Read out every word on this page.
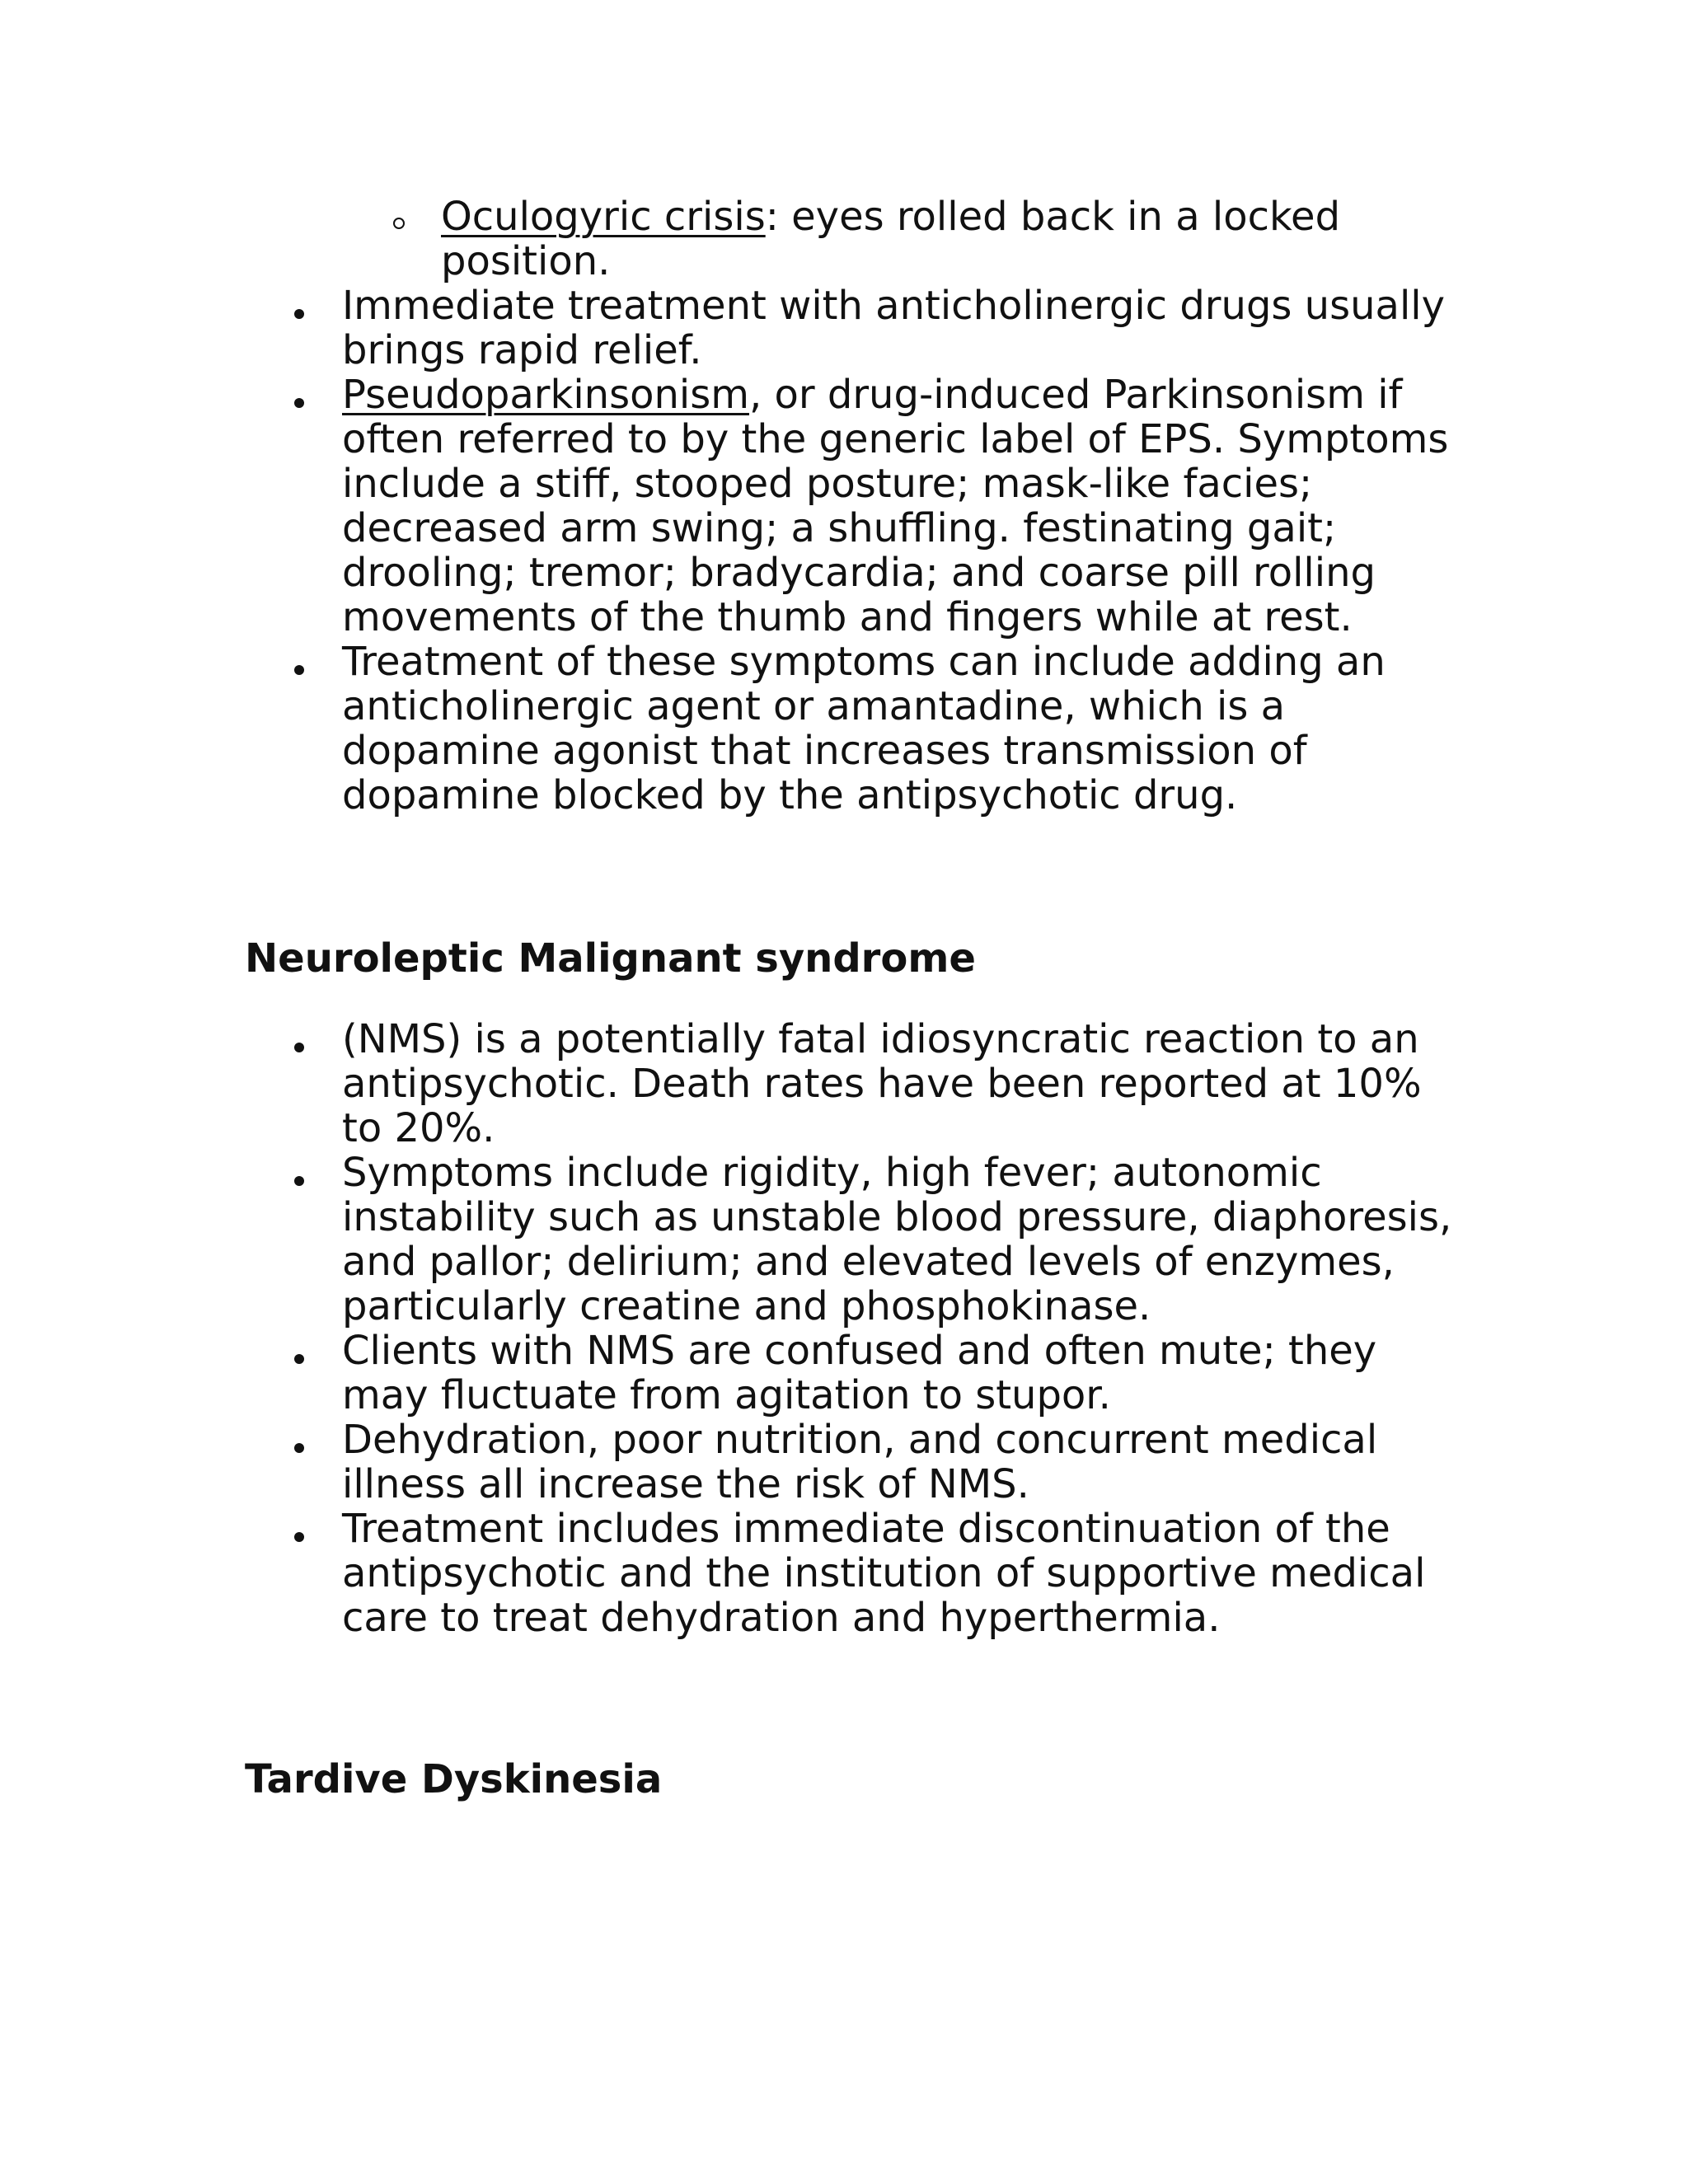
Oculogyric crisis: eyes rolled back in a locked
position.
Immediate treatment with anticholinergic drugs usually
brings rapid relief.
Pseudoparkinsonism, or drug-induced Parkinsonism if
often referred to by the generic label of EPS. Symptoms
include a stiff, stooped posture; mask-like facies;
decreased arm swing; a shuffling. festinating gait;
drooling; tremor; bradycardia; and coarse pill rolling
movements of the thumb and fingers while at rest.
Treatment of these symptoms can include adding an
anticholinergic agent or amantadine, which is a
dopamine agonist that increases transmission of
dopamine blocked by the antipsychotic drug.
Neuroleptic Malignant syndrome
(NMS) is a potentially fatal idiosyncratic reaction to an
antipsychotic. Death rates have been reported at 10%
to 20%.
Symptoms include rigidity, high fever; autonomic
instability such as unstable blood pressure, diaphoresis,
and pallor; delirium; and elevated levels of enzymes,
particularly creatine and phosphokinase.
Clients with NMS are confused and often mute; they
may fluctuate from agitation to stupor.
Dehydration, poor nutrition, and concurrent medical
illness all increase the risk of NMS.
Treatment includes immediate discontinuation of the
antipsychotic and the institution of supportive medical
care to treat dehydration and hyperthermia.
Tardive Dyskinesia
